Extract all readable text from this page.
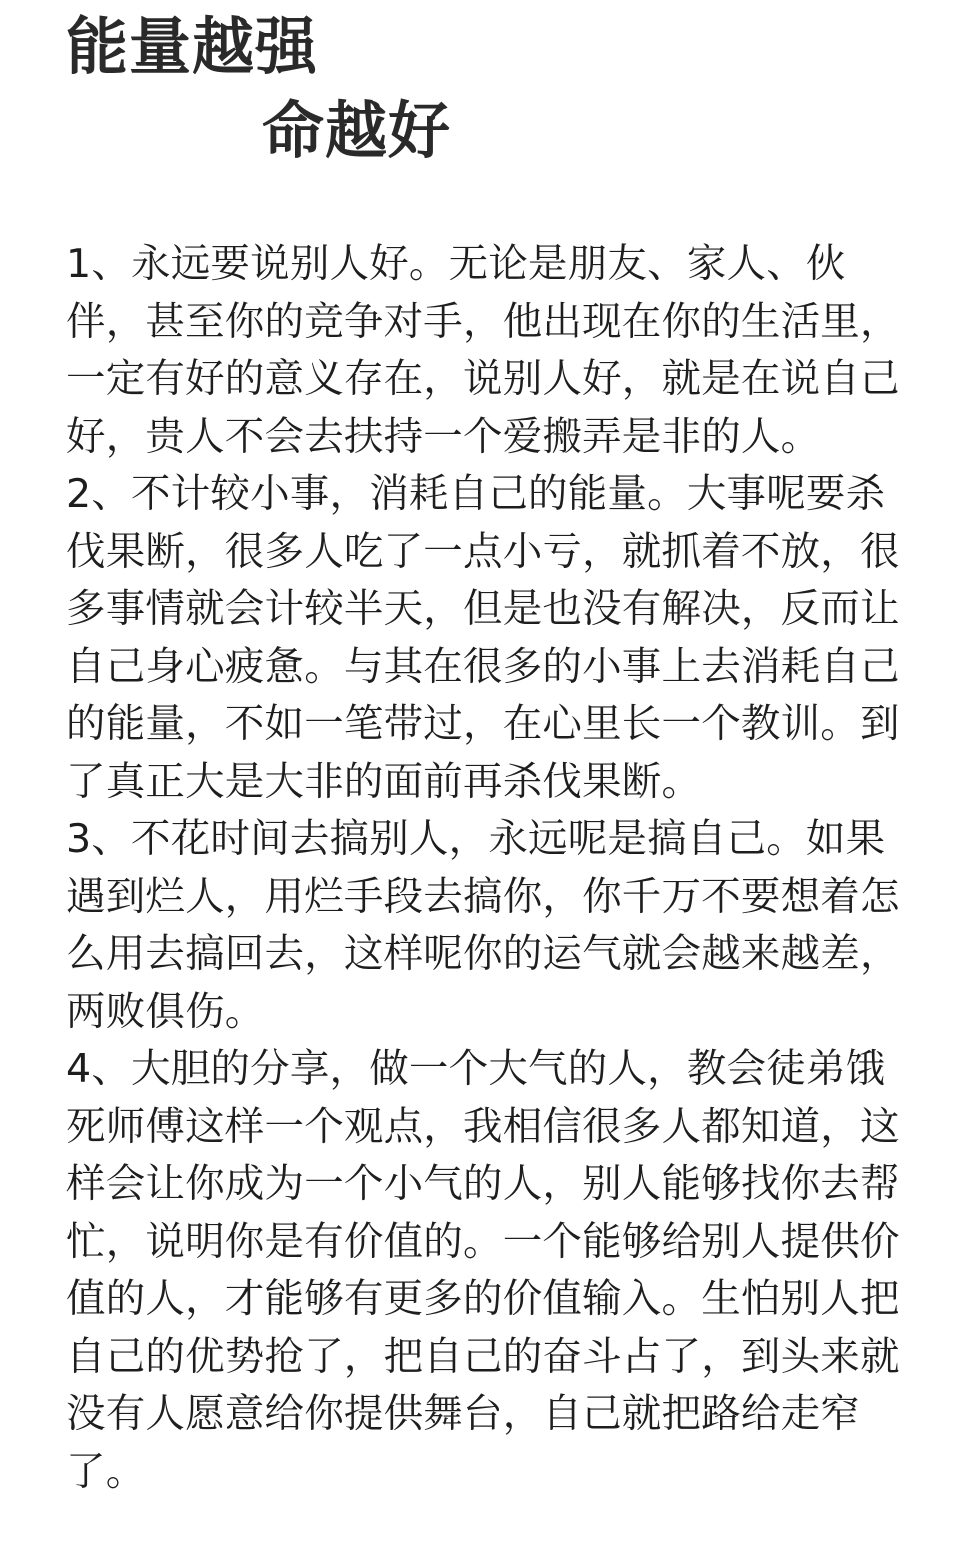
能量越强
命越好

1、永远要说别人好。无论是朋友、家人、伙伴，甚至你的竞争对手，他出现在你的生活里，一定有好的意义存在，说别人好，就是在说自己好，贵人不会去扶持一个爱搬弄是非的人。

2、不计较小事，消耗自己的能量。大事呢要杀伐果断，很多人吃了一点小亏，就抓着不放，很多事情就会计较半天，但是也没有解决，反而让自己身心疲惫。与其在很多的小事上去消耗自己的能量，不如一笔带过，在心里长一个教训。到了真正大是大非的面前再杀伐果断。

3、不花时间去搞别人，永远呢是搞自己。如果遇到烂人，用烂手段去搞你，你千万不要想着怎么用去搞回去，这样呢你的运气就会越来越差，两败俱伤。

4、大胆的分享，做一个大气的人，教会徒弟饿死师傅这样一个观点，我相信很多人都知道，这样会让你成为一个小气的人，别人能够找你去帮忙，说明你是有价值的。一个能够给别人提供价值的人，才能够有更多的价值输入。生怕别人把自己的优势抢了，把自己的奋斗占了，到头来就没有人愿意给你提供舞台，自己就把路给走窄了。
